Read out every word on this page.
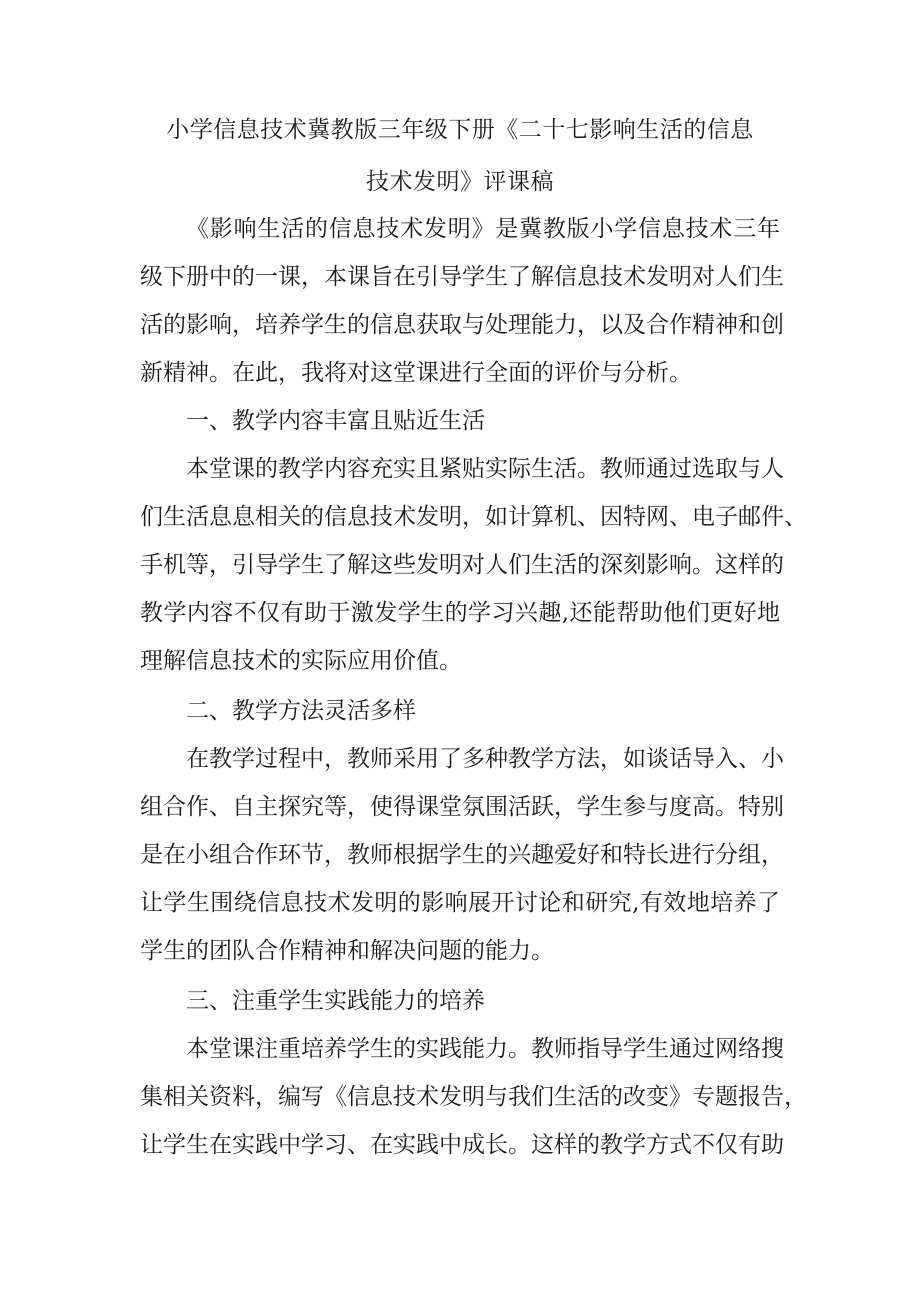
小学信息技术冀教版三年级下册《二十七影响生活的信息
技术发明》评课稿
《影响生活的信息技术发明》是冀教版小学信息技术三年
级下册中的一课，本课旨在引导学生了解信息技术发明对人们生
活的影响，培养学生的信息获取与处理能力，以及合作精神和创
新精神。在此，我将对这堂课进行全面的评价与分析。
一、教学内容丰富且贴近生活
本堂课的教学内容充实且紧贴实际生活。教师通过选取与人
们生活息息相关的信息技术发明，如计算机、因特网、电子邮件、
手机等，引导学生了解这些发明对人们生活的深刻影响。这样的
教学内容不仅有助于激发学生的学习兴趣,还能帮助他们更好地
理解信息技术的实际应用价值。
二、教学方法灵活多样
在教学过程中，教师采用了多种教学方法，如谈话导入、小
组合作、自主探究等，使得课堂氛围活跃，学生参与度高。特别
是在小组合作环节，教师根据学生的兴趣爱好和特长进行分组，
让学生围绕信息技术发明的影响展开讨论和研究,有效地培养了
学生的团队合作精神和解决问题的能力。
三、注重学生实践能力的培养
本堂课注重培养学生的实践能力。教师指导学生通过网络搜
集相关资料，编写《信息技术发明与我们生活的改变》专题报告，
让学生在实践中学习、在实践中成长。这样的教学方式不仅有助
